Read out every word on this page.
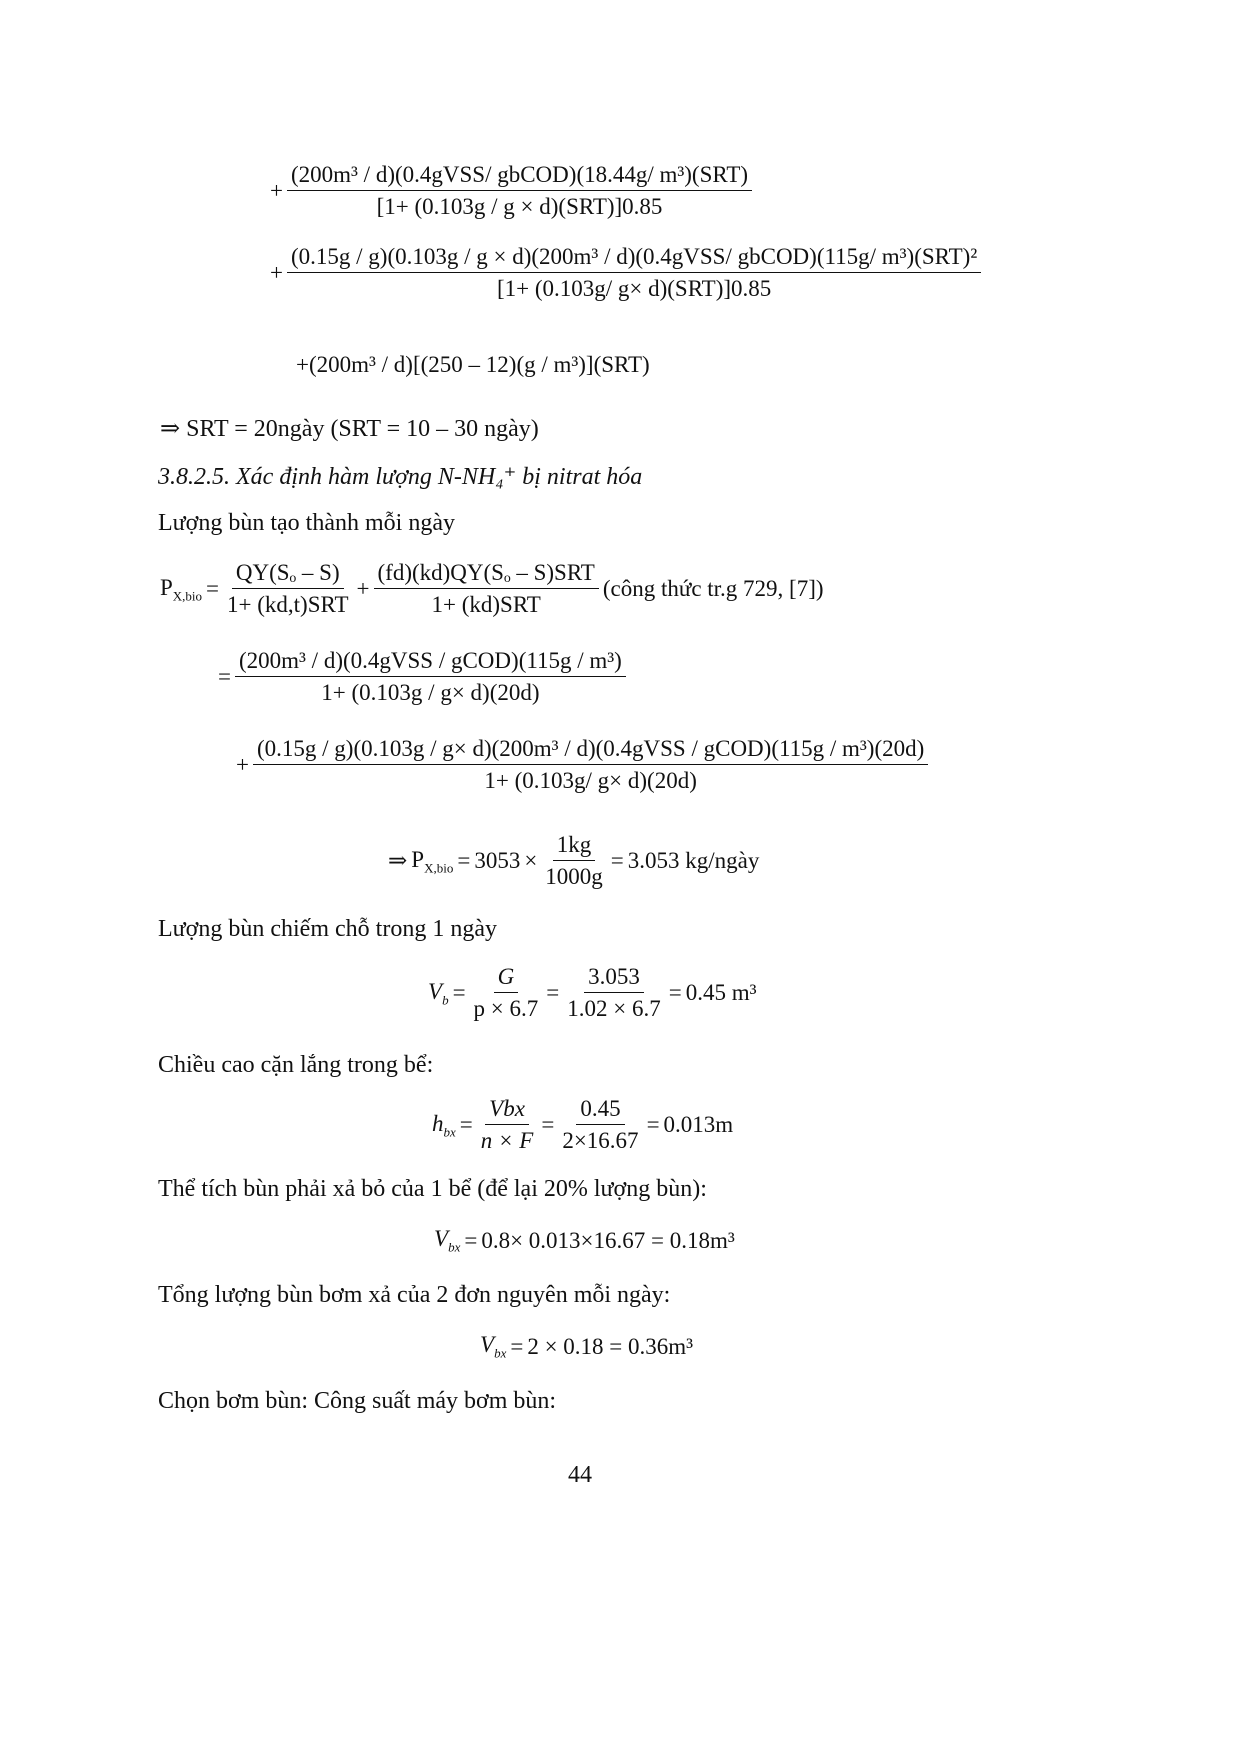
+ $\frac{\text{(200m³ / d)(0.4gVSS/ gbCOD)(18.44g/ m³)(SRT)}}{\text{[1+ (0.103g / g × d)(SRT)]0.85}}$
+
(0.15g / g)(0.103g / g × d)(200m³ / d)(0.4gVSS/ gbCOD)(115g/ m³)(SRT)²
[1+ (0.103g/ g× d)(SRT)]0.85
+(200m³ / d)[(250 – 12)(g / m³)](SRT)
⇒ SRT = 20ngày (SRT = 10 – 30 ngày)
3.8.2.5. Xác định hàm lượng N-NH₄⁺ bị nitrat hóa
Lượng bùn tạo thành mỗi ngày
$P_{X,bio} = \frac{\text{QY(Sₒ – S)}}{\text{1+ (kd,t)SRT}} + \frac{\text{(fd)(kd)QY(Sₒ – S)SRT}}{\text{1+ (kd)SRT}}$ (công thức tr.g 729, [7])
= $\frac{\text{(200m³ / d)(0.4gVSS / gCOD)(115g / m³)}}{1+ (0.103g / g\times d)(20d)}$
+
(0.15g / g)(0.103g / g× d)(200m³ / d)(0.4gVSS / gCOD)(115g / m³)(20d)
1+ (0.103g/ g× d)(20d)
⇒ $P_{X,bio} = 3053 \times \frac{1kg}{1000g} = 3.053$ kg/ngày
Lượng bùn chiếm chỗ trong 1 ngày
$V_b = \frac{G}{p \times 6.7} = \frac{3.053}{1.02 \times 6.7} = 0.45$ m³
Chiều cao cặn lắng trong bể:
$h_{bx} = \frac{\text{Vbx}}{n \times F} = \frac{0.45}{2\times 16.67} = 0.013m$
Thể tích bùn phải xả bỏ của 1 bể (để lại 20% lượng bùn):
$V_{bx} = 0.8\times 0.013\times 16.67 = 0.18m^3$
Tổng lượng bùn bơm xả của 2 đơn nguyên mỗi ngày:
$V_{bx} = 2 \times 0.18 = 0.36m^3$
Chọn bơm bùn: Công suất máy bơm bùn:
44
